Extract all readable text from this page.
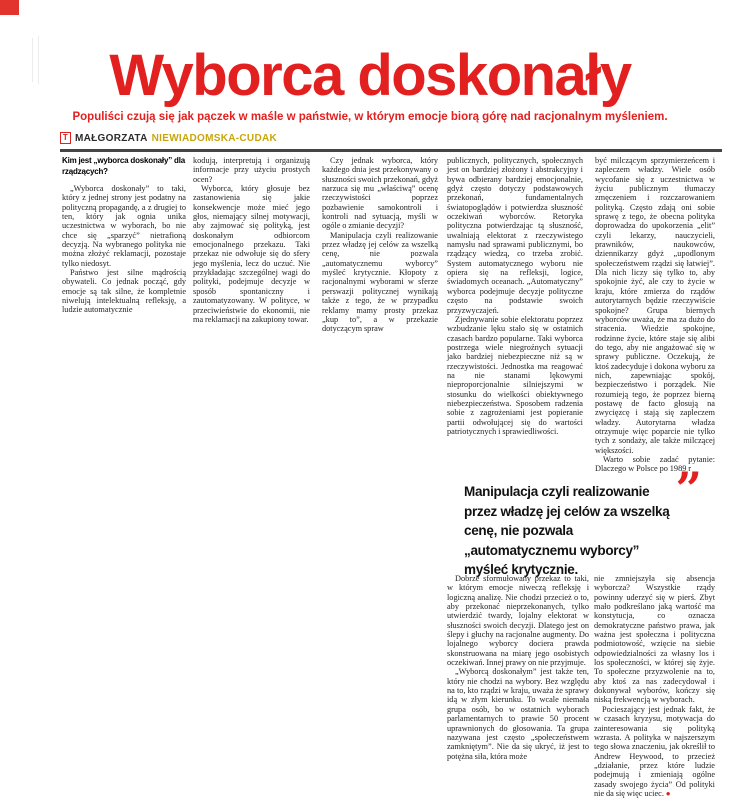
Wyborca doskonały

Populiści czują się jak pączek w maśle w państwie, w którym emocje biorą górę nad racjonalnym myśleniem.

T MAŁGORZATA NIEWIADOMSKA-CUDAK
Kim jest „wyborca doskonały” dla rządzących?

„Wyborca doskonały” to taki, który z jednej strony jest podatny na polityczną propagandę, a z drugiej to ten, który jak ognia unika uczestnictwa w wyborach, bo nie chce się „sparzyć” nietrafioną decyzją. Na wybranego polityka nie można złożyć reklamacji, pozostaje tylko niedosyt.

Państwo jest silne mądrością obywateli. Co jednak począć, gdy emocje są tak silne, że kompletnie niwelują intelektualną refleksję, a ludzie automatycznie

kodują, interpretują i organizują informacje przy użyciu prostych ocen?

Wyborca, który głosuje bez zastanowienia się jakie konsekwencje może mieć jego głos, niemający silnej motywacji, aby zajmować się polityką, jest doskonałym odbiorcom emocjonalnego przekazu. Taki przekaz nie odwołuje się do sfery jego myślenia, lecz do uczuć. Nie przykładając szczególnej wagi do polityki, podejmuje decyzje w sposób spontaniczny i zautomatyzowany. W polityce, w przeciwieństwie do ekonomii, nie ma reklamacji na zakupiony towar.

Czy jednak wyborca, który każdego dnia jest przekonywany o słuszności swoich przekonań, gdyż narzuca się mu „właściwą” ocenę rzeczywistości poprzez pozbawienie samokontroli i kontroli nad sytuacją, myśli w ogóle o zmianie decyzji?

Manipulacja czyli realizowanie przez władzę jej celów za wszelką cenę, nie pozwala „automatycznemu wyborcy” myśleć krytycznie. Kłopoty z racjonalnymi wyborami w sferze perswazji politycznej wynikają także z tego, że w przypadku reklamy mamy prosty przekaz „kup to”, a w przekazie dotyczącym spraw

publicznych, politycznych, społecznych jest on bardziej złożony i abstrakcyjny i bywa odbierany bardziej emocjonalnie, gdyż często dotyczy podstawowych przekonań, fundamentalnych światopoglądów i potwierdza słuszność oczekiwań wyborców. Retoryka polityczna potwierdzając tą słuszność, uwalniają elektorat z rzeczywistego namysłu nad sprawami publicznymi, bo rządzący wiedzą, co trzeba zrobić. System automatycznego wyboru nie opiera się na refleksji, logice, świadomych oceanach. „Automatyczny” wyborca podejmuje decyzje polityczne często na podstawie swoich przyzwyczajeń.

Zjednywanie sobie elektoratu poprzez wzbudzanie lęku stało się w ostatnich czasach bardzo popularne. Taki wyborca postrzega wiele niegroźnych sytuacji jako bardziej niebezpieczne niż są w rzeczywistości. Jednostka ma reagować na nie stanami lękowymi nieproporcjonalnie silniejszymi w stosunku do wielkości obiektywnego niebezpieczeństwa. Sposobem radzenia sobie z zagrożeniami jest popieranie partii odwołującej się do wartości patriotycznych i sprawiedliwości.

być milczącym sprzymierzeńcem i zapleczem władzy. Wiele osób wycofanie się z uczestnictwa w życiu publicznym tłumaczy zmęczeniem i rozczarowaniem polityką. Często zdają oni sobie sprawę z tego, że obecna polityka doprowadza do upokorzenia „elit” czyli lekarzy, nauczycieli, prawników, naukowców, dziennikarzy gdyż „upodlonym społeczeństwem rządzi się łatwiej”. Dla nich liczy się tylko to, aby spokojnie żyć, ale czy to życie w kraju, które zmierza do rządów autorytarnych będzie rzeczywiście spokojne? Grupa biernych wyborców uważa, że ma za dużo do stracenia. Wiedzie spokojne, rodzinne życie, które staje się alibi do tego, aby nie angażować się w sprawy publiczne. Oczekują, że ktoś zadecyduje i dokona wyboru za nich, zapewniając spokój, bezpieczeństwo i porządek. Nie rozumieją tego, że poprzez bierną postawę de facto głosują na zwycięzcę i stają się zapleczem władzy. Autorytarna władza otrzymuje więc poparcie nie tylko tych z sondaży, ale także milczącej większości.

Warto sobie zadać pytanie: Dlaczego w Polsce po 1989 r

”

Manipulacja czyli realizowanie przez władzę jej celów za wszelką cenę, nie pozwala „automatycznemu wyborcy” myśleć krytycznie.

Dobrze sformułowany przekaz to taki, w którym emocje niweczą refleksję i logiczną analizę. Nie chodzi przecież o to, aby przekonać nieprzekonanych, tylko utwierdzić twardy, lojalny elektorat w słuszności swoich decyzji. Dlatego jest on ślepy i głuchy na racjonalne augmenty. Do lojalnego wyborcy dociera prawda skonstruowana na miarę jego osobistych oczekiwań. Innej prawy on nie przyjmuje.

„Wyborcą doskonałym” jest także ten, który nie chodzi na wybory. Bez względu na to, kto rządzi w kraju, uważa że sprawy idą w złym kierunku. To wcale niemała grupa osób, bo w ostatnich wyborach parlamentarnych to prawie 50 procent uprawnionych do głosowania. Ta grupa nazywana jest często „społeczeństwem zamkniętym”. Nie da się ukryć, iż jest to potężna siła, która może

nie zmniejszyła się absencja wyborcza? Wszystkie rządy powinny uderzyć się w pierś. Zbyt mało podkreślano jaką wartość ma konstytucja, co oznacza demokratyczne państwo prawa, jak ważna jest społeczna i polityczna podmiotowość, wzięcie na siebie odpowiedzialności za własny los i los społeczności, w której się żyje. To społeczne przyzwolenie na to, aby ktoś za nas zadecydował i dokonywał wyborów, kończy się niską frekwencją w wyborach.

Pocieszający jest jednak fakt, że w czasach kryzysu, motywacja do zainteresowania się polityką wzrasta. A polityka w najszerszym tego słowa znaczeniu, jak określił to Andrew Heywood, to przecież „działanie, przez które ludzie podejmują i zmieniają ogólne zasady swojego życia” Od polityki nie da się więc uciec. ●
